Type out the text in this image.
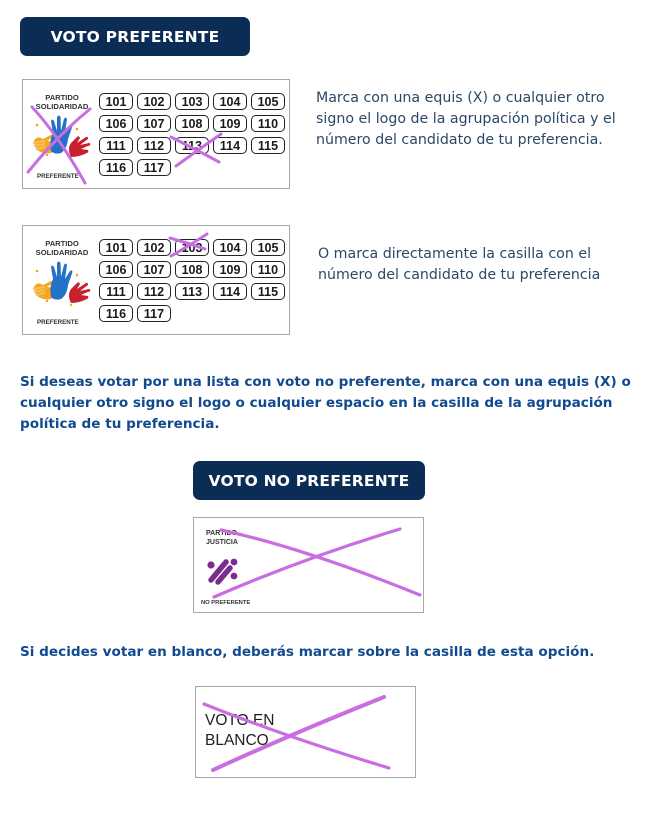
VOTO PREFERENTE
PARTIDO
SOLIDARIDAD
PREFERENTE
101	102	103	104	105
106	107	108	109	110
111	112	113	114	115
116	117
Marca con una equis (X) o cualquier otro signo el logo de la agrupación política y el número del candidato de tu preferencia.
PARTIDO
SOLIDARIDAD
PREFERENTE
101	102	103	104	105
106	107	108	109	110
111	112	113	114	115
116	117
O marca directamente la casilla con el número del candidato de tu preferencia
Si deseas votar por una lista con voto no preferente, marca con una equis (X) o cualquier otro signo el logo o cualquier espacio en la casilla de la agrupación política de tu preferencia.
VOTO NO PREFERENTE
PARTIDO
JUSTICIA
NO PREFERENTE
Si decides votar en blanco, deberás marcar sobre la casilla de esta opción.
VOTO EN
BLANCO
